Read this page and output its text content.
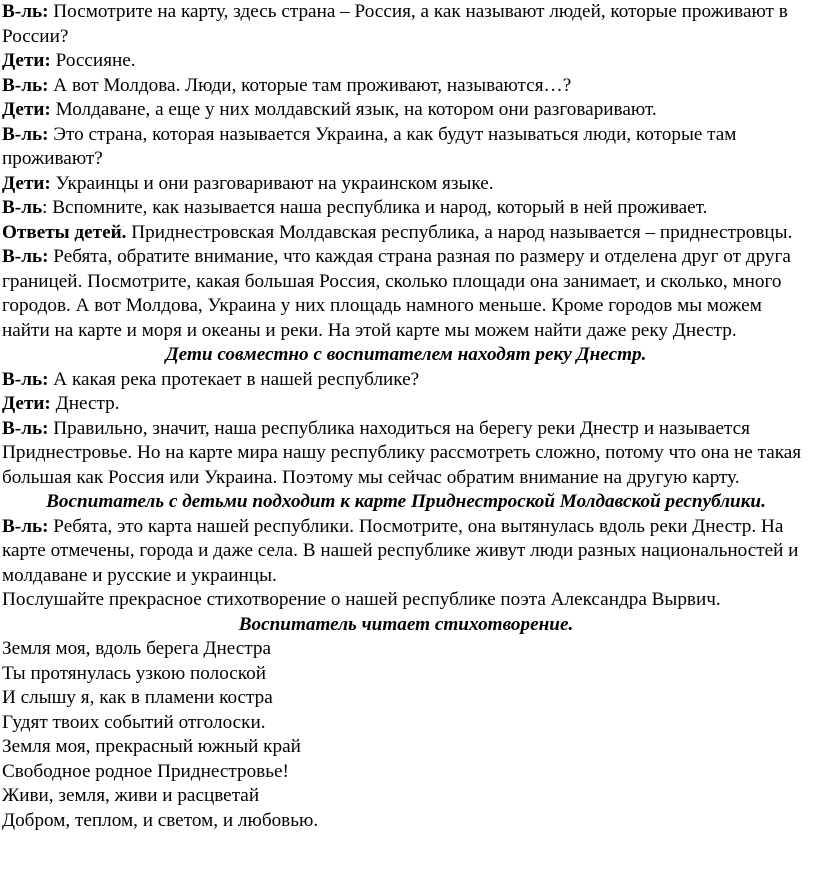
В-ль: Посмотрите на карту, здесь страна – Россия, а как называют людей, которые проживают в России?

Дети: Россияне.

В-ль: А вот Молдова. Люди, которые там проживают, называются…?

Дети: Молдаване, а еще у них молдавский язык, на котором они разговаривают.

В-ль: Это страна, которая называется Украина, а как будут называться люди, которые там проживают?

Дети: Украинцы и они разговаривают на украинском языке.

В-ль: Вспомните, как называется наша республика и народ, который в ней проживает.

Ответы детей. Приднестровская Молдавская республика, а народ называется – приднестровцы.

В-ль: Ребята, обратите внимание, что каждая страна разная по размеру и отделена друг от друга границей. Посмотрите, какая большая Россия, сколько площади она занимает, и сколько, много городов. А вот Молдова, Украина у них площадь намного меньше. Кроме городов мы можем найти на карте и моря и океаны и реки. На этой карте мы можем найти даже реку Днестр.

Дети совместно с воспитателем находят реку Днестр.

В-ль: А какая река протекает в нашей республике?

Дети: Днестр.

В-ль: Правильно, значит, наша республика находиться на берегу реки Днестр и называется Приднестровье. Но на карте мира нашу республику рассмотреть сложно, потому что она не такая большая как Россия или Украина. Поэтому мы сейчас обратим внимание на другую карту.

Воспитатель с детьми подходит к карте Приднестроской Молдавской республики.

В-ль: Ребята, это карта нашей республики. Посмотрите, она вытянулась вдоль реки Днестр. На карте отмечены, города и даже села. В нашей республике живут люди разных национальностей и молдаване и русские и украинцы.

Послушайте прекрасное стихотворение о нашей республике поэта Александра Вырвич.

Воспитатель читает стихотворение.

Земля моя, вдоль берега Днестра

Ты протянулась узкою полоской

И слышу я, как в пламени костра

Гудят твоих событий отголоски.

Земля моя, прекрасный южный край

Свободное родное Приднестровье!

Живи, земля, живи и расцветай

Добром, теплом, и светом, и любовью.
